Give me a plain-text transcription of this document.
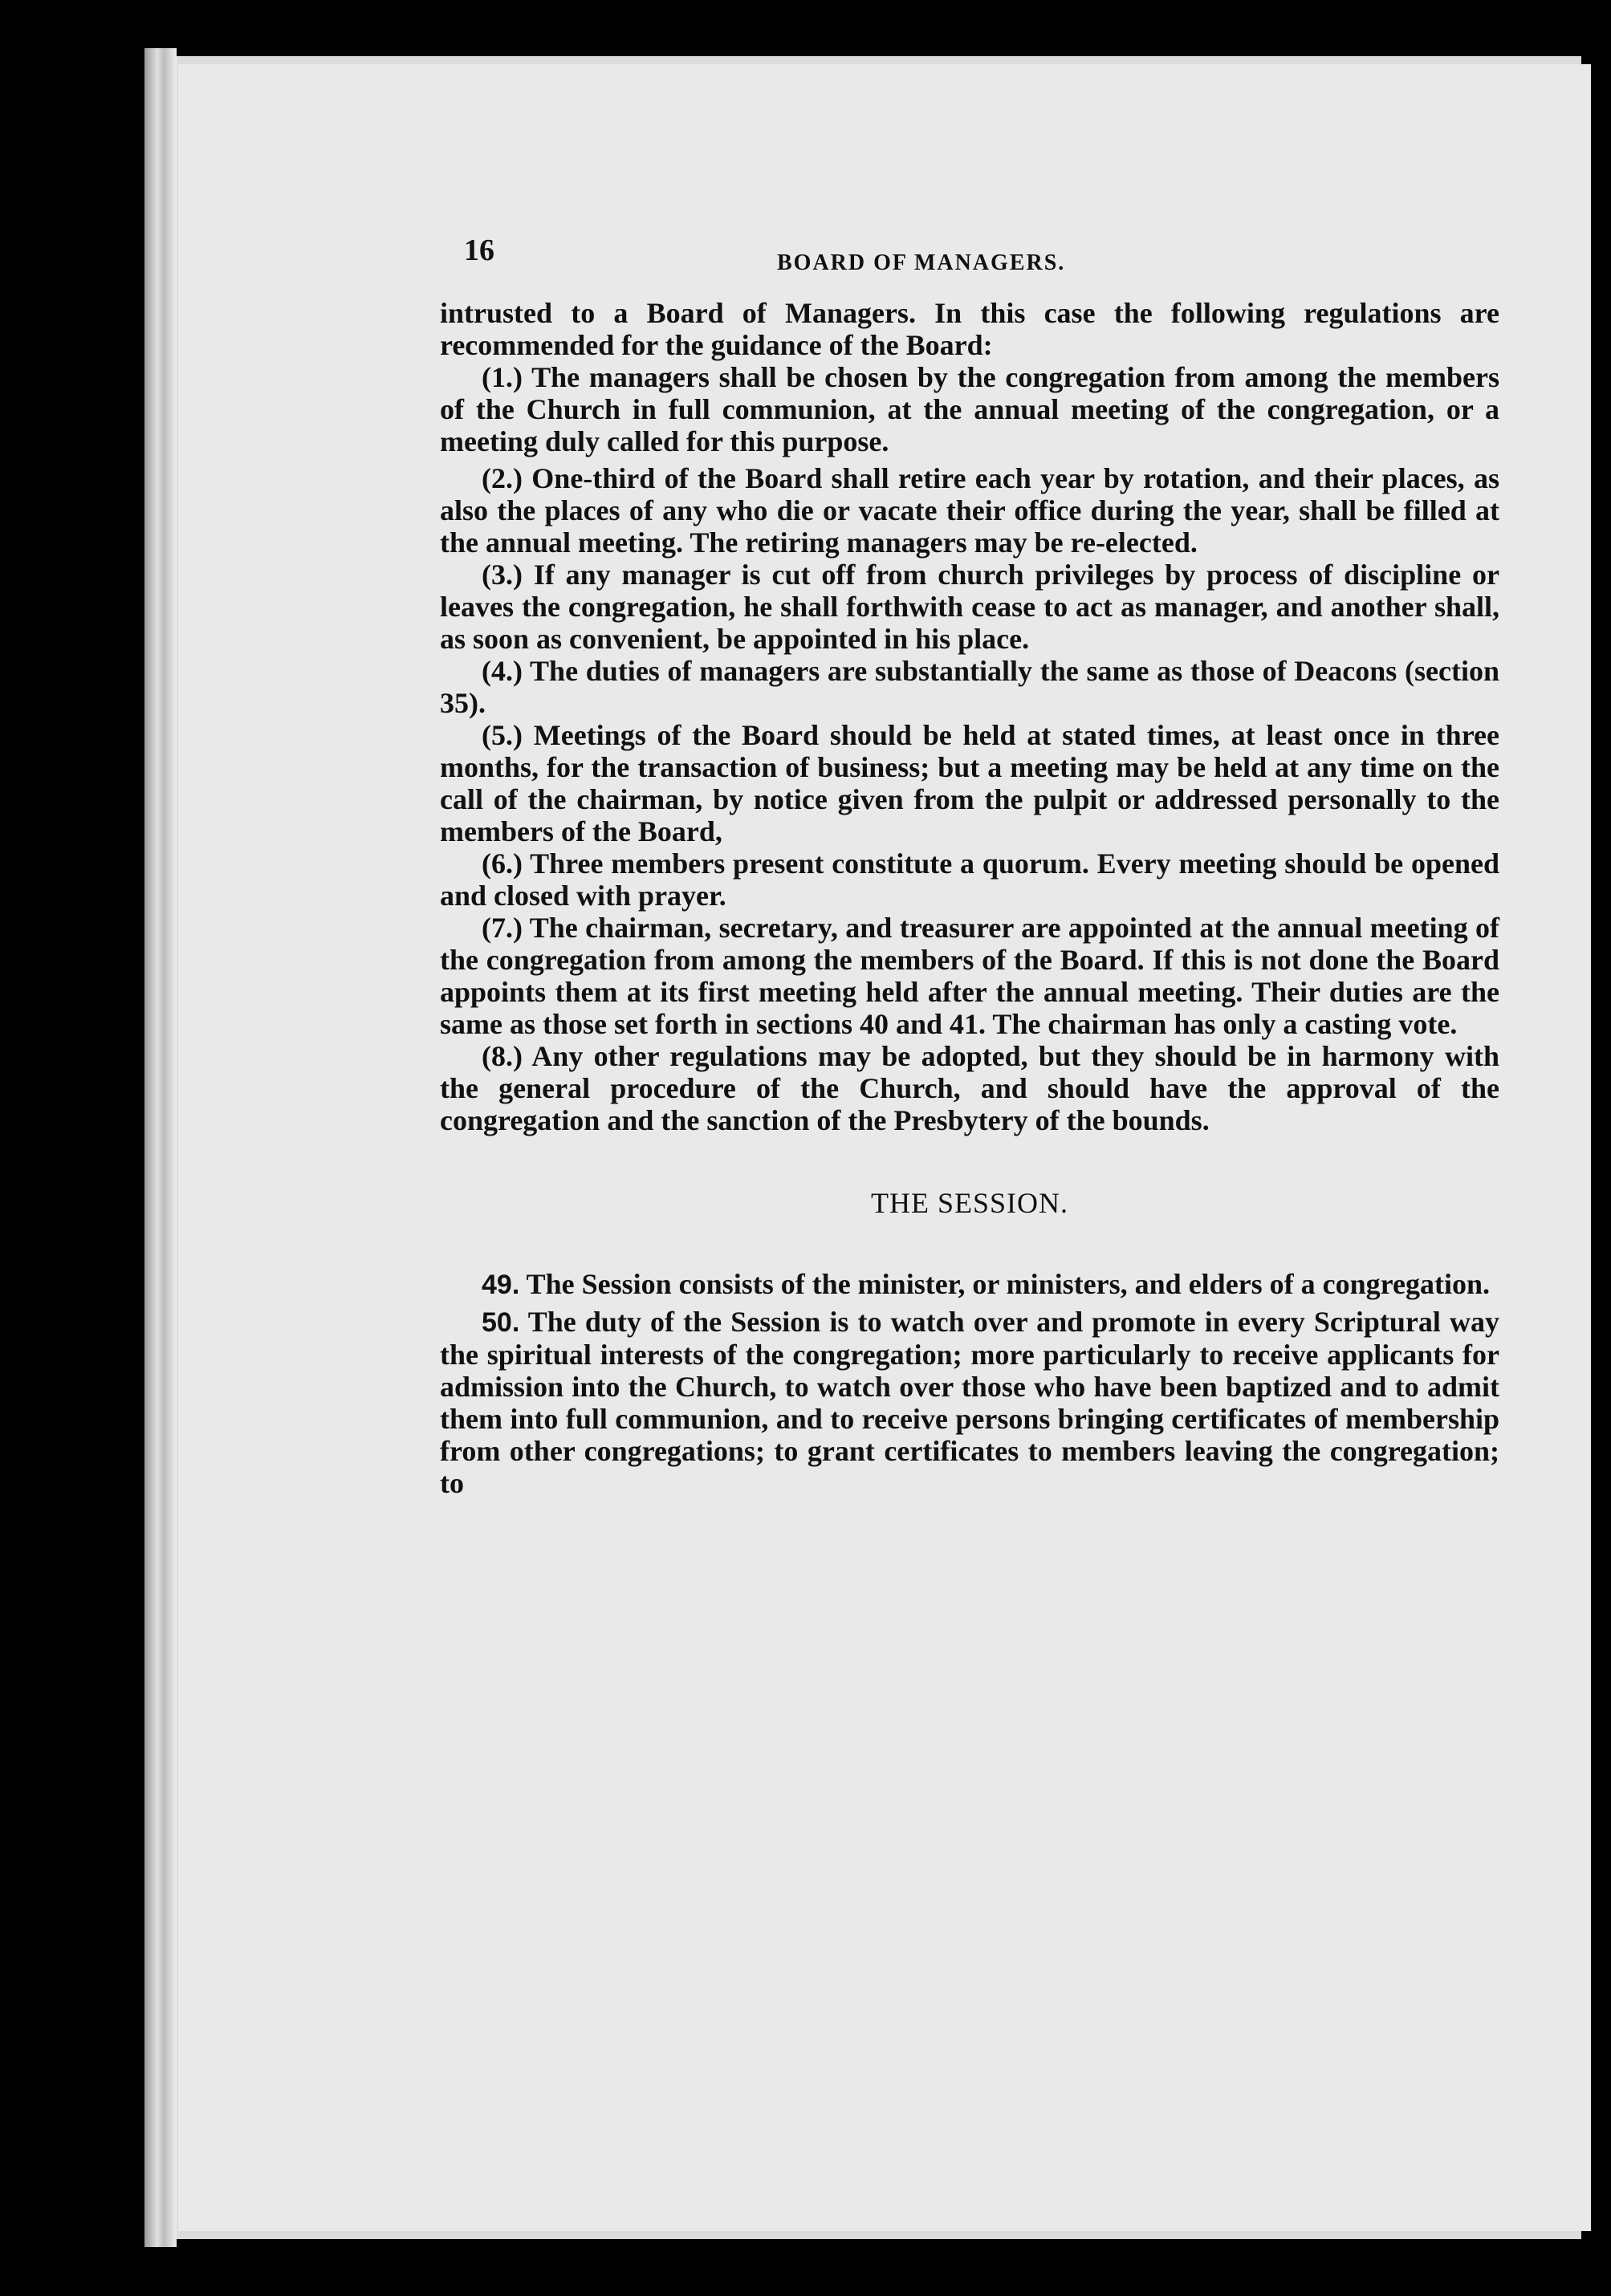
16	BOARD OF MANAGERS.

intrusted to a Board of Managers. In this case the following regulations are recommended for the guidance of the Board:

(1.) The managers shall be chosen by the congregation from among the members of the Church in full communion, at the annual meeting of the congregation, or a meeting duly called for this purpose.

(2.) One-third of the Board shall retire each year by rotation, and their places, as also the places of any who die or vacate their office during the year, shall be filled at the annual meeting. The retiring managers may be re-elected.

(3.) If any manager is cut off from church privileges by process of discipline or leaves the congregation, he shall forthwith cease to act as manager, and another shall, as soon as convenient, be appointed in his place.

(4.) The duties of managers are substantially the same as those of Deacons (section 35).

(5.) Meetings of the Board should be held at stated times, at least once in three months, for the transaction of business; but a meeting may be held at any time on the call of the chairman, by notice given from the pulpit or addressed personally to the members of the Board,

(6.) Three members present constitute a quorum. Every meeting should be opened and closed with prayer.

(7.) The chairman, secretary, and treasurer are appointed at the annual meeting of the congregation from among the members of the Board. If this is not done the Board appoints them at its first meeting held after the annual meeting. Their duties are the same as those set forth in sections 40 and 41. The chairman has only a casting vote.

(8.) Any other regulations may be adopted, but they should be in harmony with the general procedure of the Church, and should have the approval of the congregation and the sanction of the Presbytery of the bounds.

THE SESSION.

49. The Session consists of the minister, or ministers, and elders of a congregation.

50. The duty of the Session is to watch over and promote in every Scriptural way the spiritual interests of the congregation; more particularly to receive applicants for admission into the Church, to watch over those who have been baptized and to admit them into full communion, and to receive persons bringing certificates of membership from other congregations; to grant certificates to members leaving the congregation; to
